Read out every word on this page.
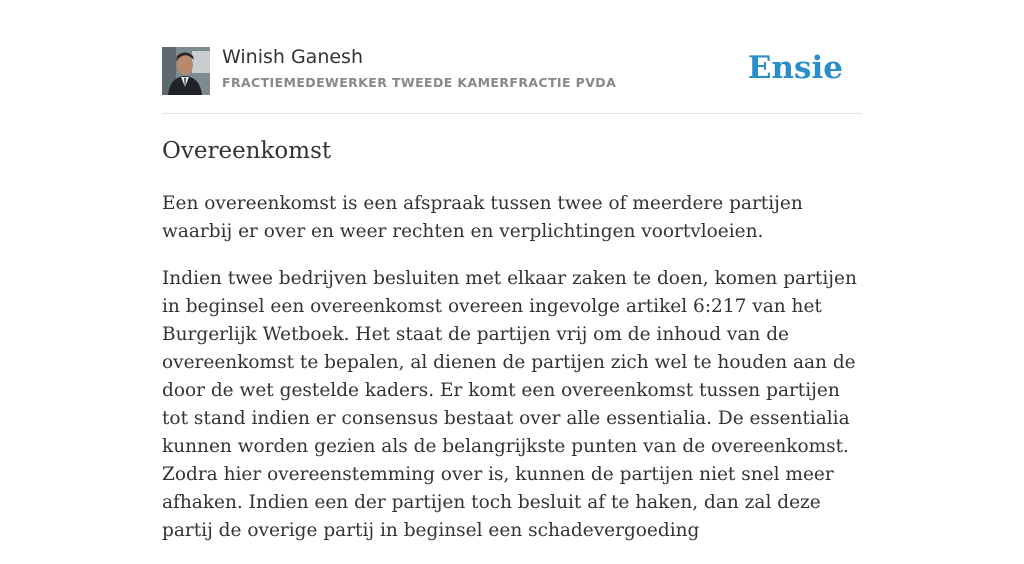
Winish Ganesh
FRACTIEMEDEWERKER TWEEDE KAMERFRACTIE PVDA	Ensie
Overeenkomst

Een overeenkomst is een afspraak tussen twee of meerdere partijen waarbij er over en weer rechten en verplichtingen voortvloeien.

Indien twee bedrijven besluiten met elkaar zaken te doen, komen partijen in beginsel een overeenkomst overeen ingevolge artikel 6:217 van het Burgerlijk Wetboek. Het staat de partijen vrij om de inhoud van de overeenkomst te bepalen, al dienen de partijen zich wel te houden aan de door de wet gestelde kaders. Er komt een overeenkomst tussen partijen tot stand indien er consensus bestaat over alle essentialia. De essentialia kunnen worden gezien als de belangrijkste punten van de overeenkomst. Zodra hier overeenstemming over is, kunnen de partijen niet snel meer afhaken. Indien een der partijen toch besluit af te haken, dan zal deze partij de overige partij in beginsel een schadevergoeding
